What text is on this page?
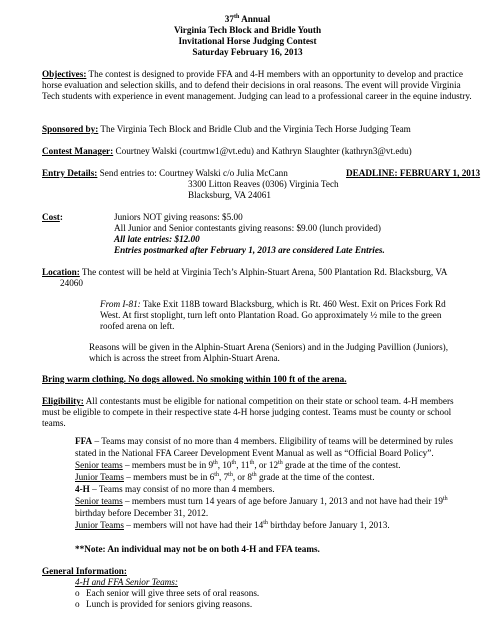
37th Annual
Virginia Tech Block and Bridle Youth
Invitational Horse Judging Contest
Saturday February 16, 2013

Objectives: The contest is designed to provide FFA and 4-H members with an opportunity to develop and practice horse evaluation and selection skills, and to defend their decisions in oral reasons. The event will provide Virginia Tech students with experience in event management. Judging can lead to a professional career in the equine industry.

Sponsored by: The Virginia Tech Block and Bridle Club and the Virginia Tech Horse Judging Team

Contest Manager: Courtney Walski (courtmw1@vt.edu) and Kathryn Slaughter (kathryn3@vt.edu)

Entry Details: Send entries to: Courtney Walski c/o Julia McCann	DEADLINE: FEBRUARY 1, 2013
3300 Litton Reaves (0306) Virginia Tech
Blacksburg, VA 24061
Cost:	Juniors NOT giving reasons: $5.00
All Junior and Senior contestants giving reasons: $9.00 (lunch provided)
All late entries: $12.00
Entries postmarked after February 1, 2013 are considered Late Entries.

Location: The contest will be held at Virginia Tech’s Alphin-Stuart Arena, 500 Plantation Rd. Blacksburg, VA

24060

From I-81: Take Exit 118B toward Blacksburg, which is Rt. 460 West. Exit on Prices Fork Rd West. At first stoplight, turn left onto Plantation Road. Go approximately ½ mile to the green roofed arena on left.

Reasons will be given in the Alphin-Stuart Arena (Seniors) and in the Judging Pavillion (Juniors), which is across the street from Alphin-Stuart Arena.

Bring warm clothing. No dogs allowed. No smoking within 100 ft of the arena.

Eligibility: All contestants must be eligible for national competition on their state or school team. 4-H members must be eligible to compete in their respective state 4-H horse judging contest. Teams must be county or school teams.

FFA – Teams may consist of no more than 4 members. Eligibility of teams will be determined by rules stated in the National FFA Career Development Event Manual as well as “Official Board Policy”.

Senior teams – members must be in 9th, 10th, 11th, or 12th grade at the time of the contest.
Junior Teams – members must be in 6th, 7th, or 8th grade at the time of the contest.
4-H – Teams may consist of no more than 4 members.
Senior teams – members must turn 14 years of age before January 1, 2013 and not have had their 19th
birthday before December 31, 2012.
Junior Teams – members will not have had their 14th birthday before January 1, 2013.
**Note: An individual may not be on both 4-H and FFA teams.
General Information:
4-H and FFA Senior Teams:
o Each senior will give three sets of oral reasons.
o Lunch is provided for seniors giving reasons.
